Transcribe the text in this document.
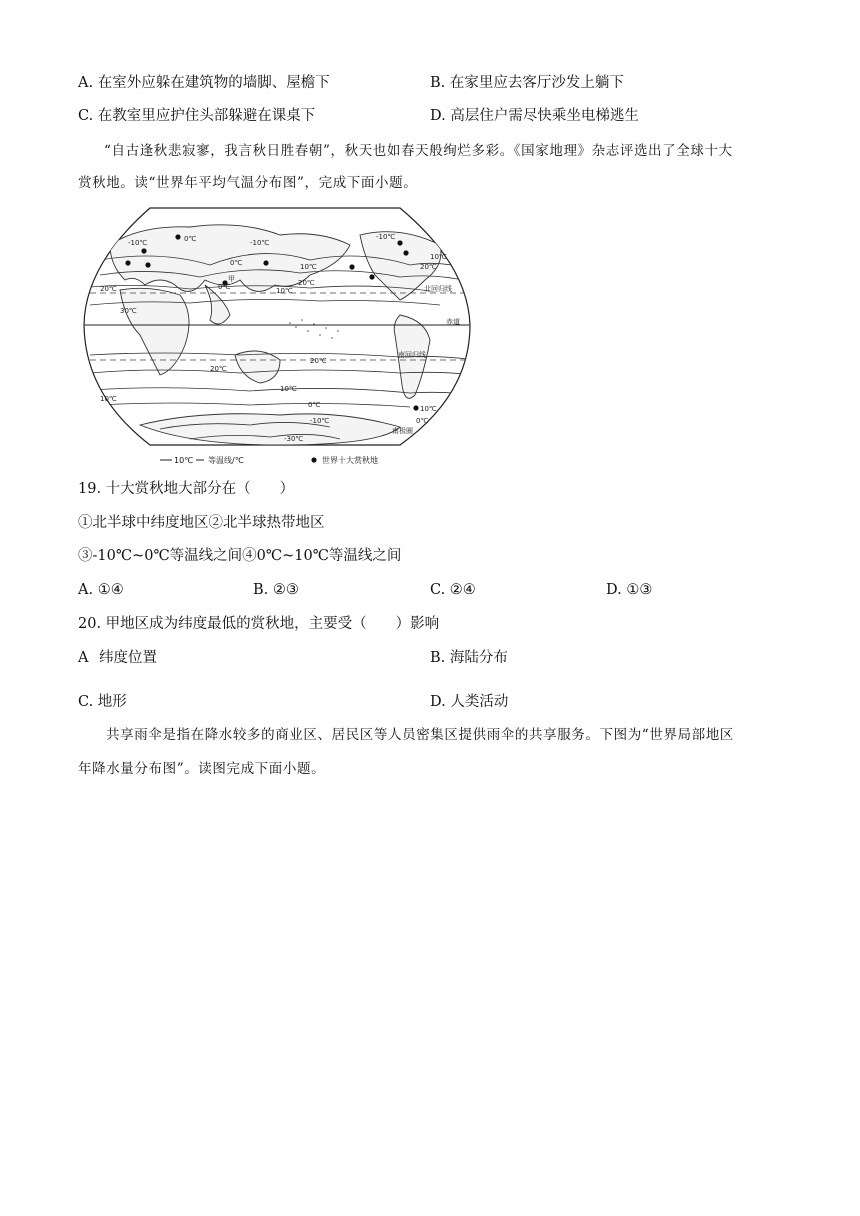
A. 在室外应躲在建筑物的墙脚、屋檐下	B. 在家里应去客厅沙发上躺下
C. 在教室里应护住头部躲避在课桌下	D. 高层住户需尽快乘坐电梯逃生
“自古逢秋悲寂寥，我言秋日胜春朝”，秋天也如春天般绚烂多彩。《国家地理》杂志评选出了全球十大
赏秋地。读“世界年平均气温分布图”，完成下面小题。
0℃
-10℃	-10℃
0℃	10℃
甲
0℃	20℃
10℃
20℃
30℃
-10℃
10℃
20℃
北回归线
赤道
南回归线
20℃
20℃
10℃
10℃
0℃
-10℃
-30℃
10℃
0℃
南极圈
10℃ 等温线/℃	世界十大赏秋地
19. 十大赏秋地大部分在（　　）
①北半球中纬度地区②北半球热带地区
③-10℃~0℃等温线之间④0℃~10℃等温线之间
A. ①④	B. ②③	C. ②④	D. ①③
20. 甲地区成为纬度最低的赏秋地，主要受（　　）影响
A 纬度位置	B. 海陆分布
C. 地形	D. 人类活动
共享雨伞是指在降水较多的商业区、居民区等人员密集区提供雨伞的共享服务。下图为“世界局部地区
年降水量分布图”。读图完成下面小题。
